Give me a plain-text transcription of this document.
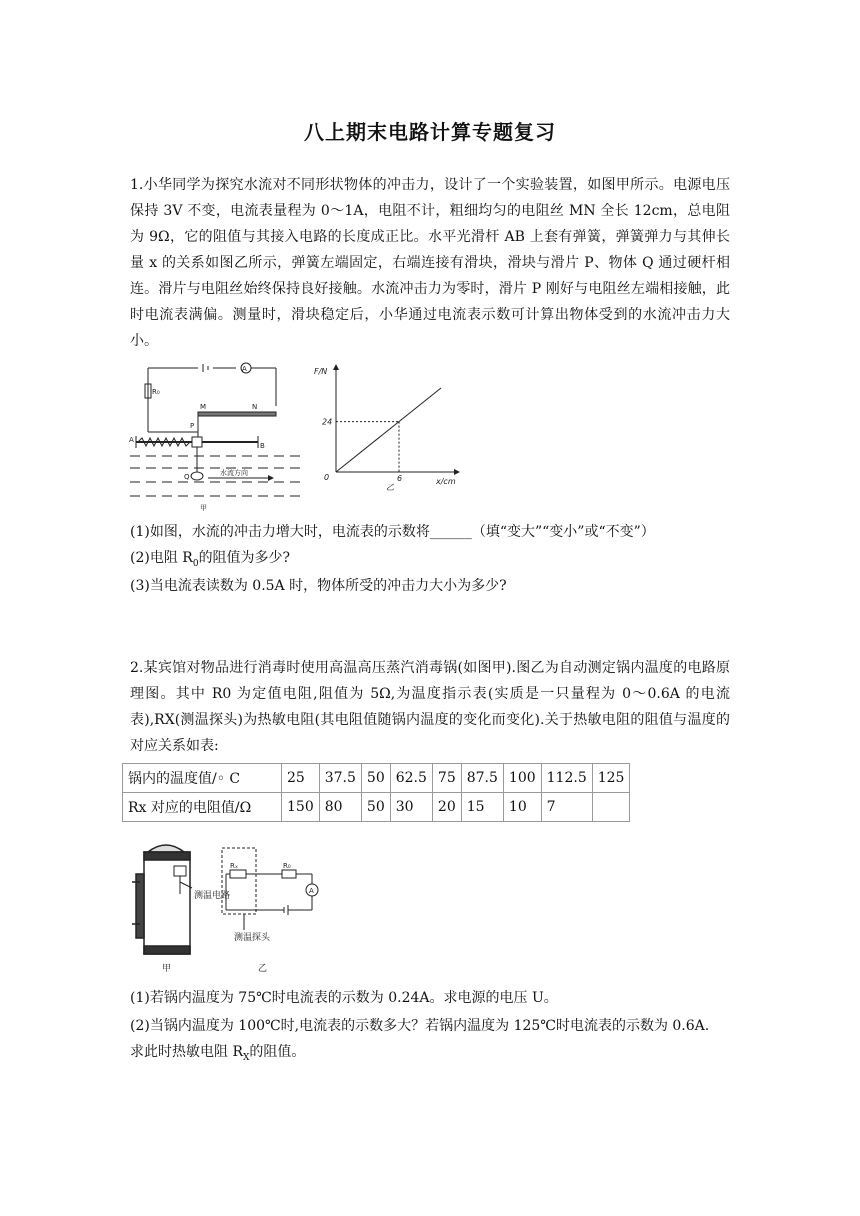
八上期末电路计算专题复习
1.小华同学为探究水流对不同形状物体的冲击力，设计了一个实验装置，如图甲所示。电源电压保持 3V 不变，电流表量程为 0～1A，电阻不计，粗细均匀的电阻丝 MN 全长 12cm，总电阻为 9Ω，它的阻值与其接入电路的长度成正比。水平光滑杆 AB 上套有弹簧，弹簧弹力与其伸长量 x 的关系如图乙所示，弹簧左端固定，右端连接有滑块，滑块与滑片 P、物体 Q 通过硬杆相连。滑片与电阻丝始终保持良好接触。水流冲击力为零时，滑片 P 刚好与电阻丝左端相接触，此时电流表满偏。测量时，滑块稳定后，小华通过电流表示数可计算出物体受到的水流冲击力大小。
R₀
A
M	N
P
A
B
Q	水流方向
甲
F/N
x/cm
0
24
6
乙
(1)如图，水流的冲击力增大时，电流表的示数将______（填“变大”“变小”或“不变”）
(2)电阻 $R_0$的阻值为多少?
(3)当电流表读数为 0.5A 时，物体所受的冲击力大小为多少?
2.某宾馆对物品进行消毒时使用高温高压蒸汽消毒锅(如图甲).图乙为自动测定锅内温度的电路原理图。其中 R0 为定值电阻,阻值为 5Ω,为温度指示表(实质是一只量程为 0～0.6A 的电流表),RX(测温探头)为热敏电阻(其电阻值随锅内温度的变化而变化).关于热敏电阻的阻值与温度的对应关系如表:
锅内的温度值/◦ C	25	37.5	50	62.5	75	87.5	100	112.5	125
Rx 对应的电阻值/Ω	150	80	50	30	20	15	10	7	
测温电路
Rₓ	R₀
A
测温探头
甲	乙
(1)若锅内温度为 75℃时电流表的示数为 0.24A。求电源的电压 U。
(2)当锅内温度为 100℃时,电流表的示数多大？若锅内温度为 125℃时电流表的示数为 0.6A.
求此时热敏电阻 $R_X$的阻值。
